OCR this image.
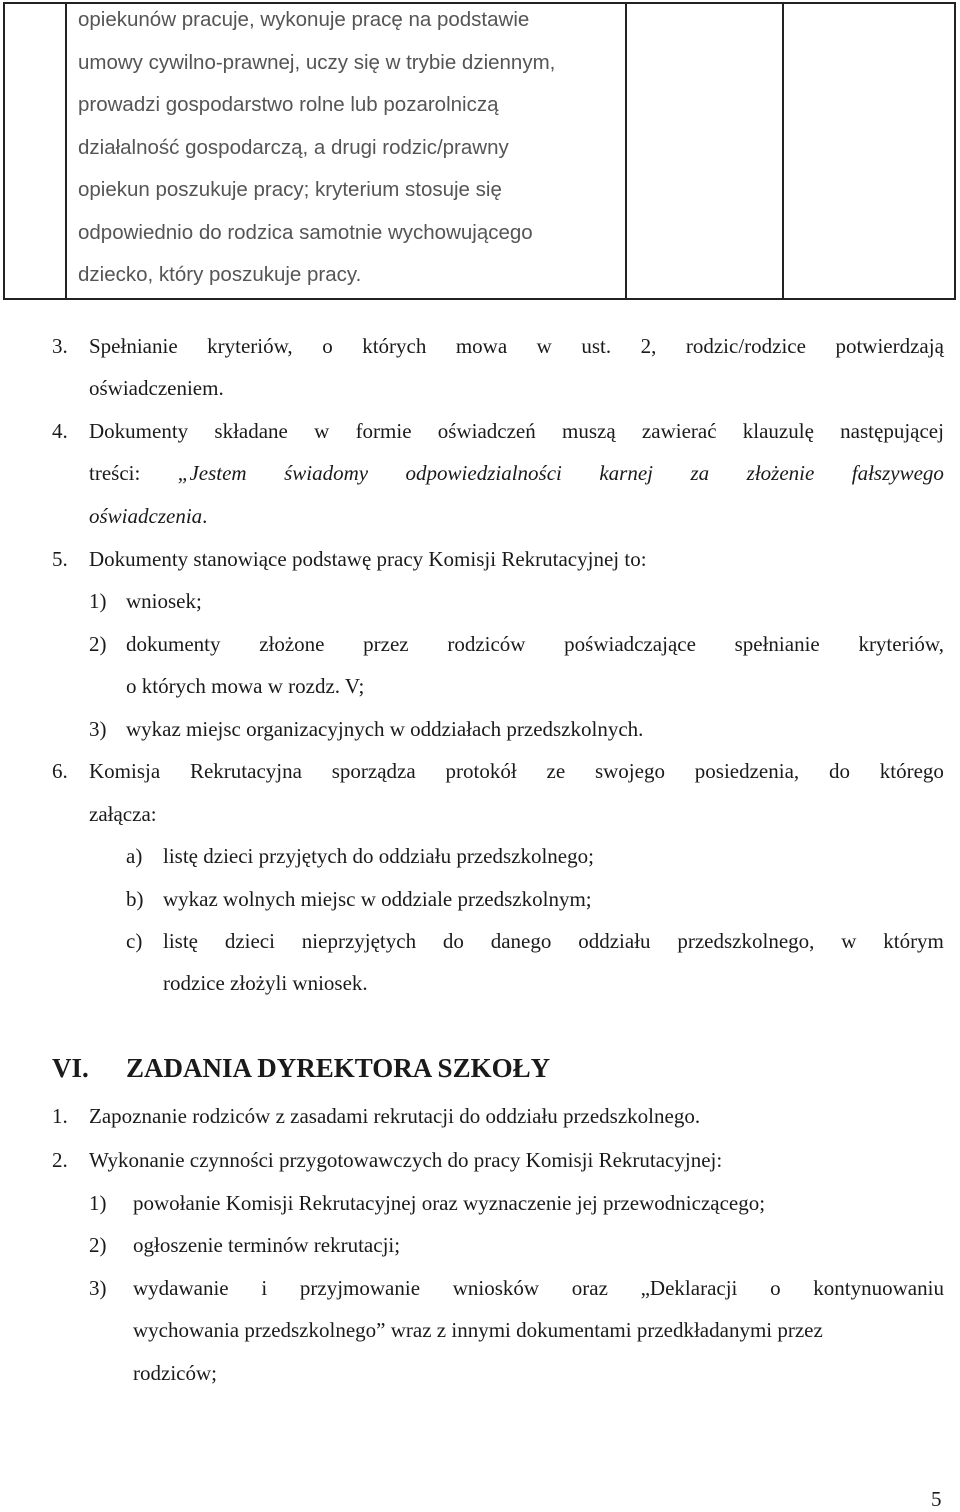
opiekunów pracuje, wykonuje pracę na podstawie
umowy cywilno-prawnej, uczy się w trybie dziennym,
prowadzi gospodarstwo rolne lub pozarolniczą
działalność gospodarczą, a drugi rodzic/prawny
opiekun poszukuje pracy; kryterium stosuje się
odpowiednio do rodzica samotnie wychowującego
dziecko, który poszukuje pracy.
3. Spełnianie kryteriów, o których mowa w ust. 2, rodzic/rodzice potwierdzają
oświadczeniem.
4. Dokumenty składane w formie oświadczeń muszą zawierać klauzulę następującej
treści: „Jestem świadomy odpowiedzialności karnej za złożenie fałszywego
oświadczenia.
5. Dokumenty stanowiące podstawę pracy Komisji Rekrutacyjnej to:
1) wniosek;
2) dokumenty złożone przez rodziców poświadczające spełnianie kryteriów,
o których mowa w rozdz. V;
3) wykaz miejsc organizacyjnych w oddziałach przedszkolnych.
6. Komisja Rekrutacyjna sporządza protokół ze swojego posiedzenia, do którego
załącza:
a) listę dzieci przyjętych do oddziału przedszkolnego;
b) wykaz wolnych miejsc w oddziale przedszkolnym;
c) listę dzieci nieprzyjętych do danego oddziału przedszkolnego, w którym
rodzice złożyli wniosek.
VI. ZADANIA DYREKTORA SZKOŁY
1. Zapoznanie rodziców z zasadami rekrutacji do oddziału przedszkolnego.
2. Wykonanie czynności przygotowawczych do pracy Komisji Rekrutacyjnej:
1) powołanie Komisji Rekrutacyjnej oraz wyznaczenie jej przewodniczącego;
2) ogłoszenie terminów rekrutacji;
3) wydawanie i przyjmowanie wniosków oraz „Deklaracji o kontynuowaniu
wychowania przedszkolnego” wraz z innymi dokumentami przedkładanymi przez
rodziców;
5
